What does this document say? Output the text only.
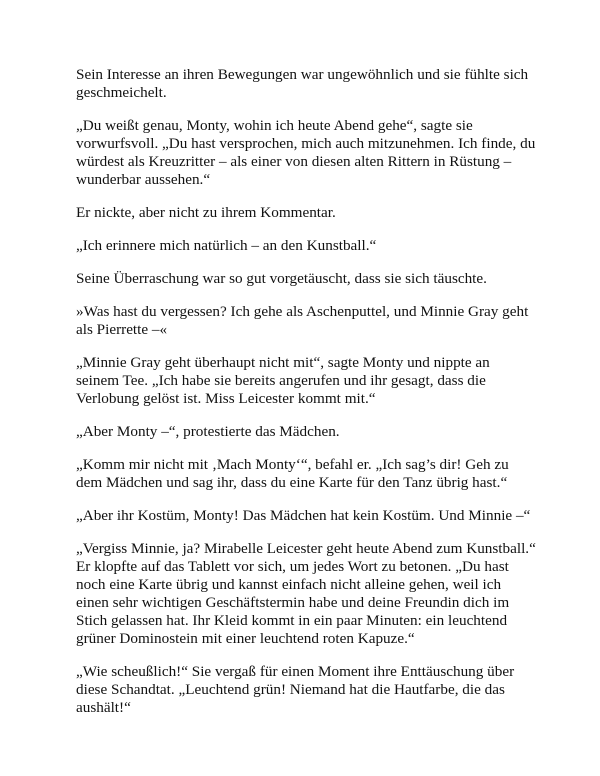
Sein Interesse an ihren Bewegungen war ungewöhnlich und sie fühlte sich geschmeichelt.

„Du weißt genau, Monty, wohin ich heute Abend gehe“, sagte sie vorwurfsvoll. „Du hast versprochen, mich auch mitzunehmen. Ich finde, du würdest als Kreuzritter – als einer von diesen alten Rittern in Rüstung – wunderbar aussehen.“

Er nickte, aber nicht zu ihrem Kommentar.

„Ich erinnere mich natürlich – an den Kunstball.“

Seine Überraschung war so gut vorgetäuscht, dass sie sich täuschte.

»Was hast du vergessen? Ich gehe als Aschenputtel, und Minnie Gray geht als Pierrette –«

„Minnie Gray geht überhaupt nicht mit“, sagte Monty und nippte an seinem Tee. „Ich habe sie bereits angerufen und ihr gesagt, dass die Verlobung gelöst ist. Miss Leicester kommt mit.“

„Aber Monty –“, protestierte das Mädchen.

„Komm mir nicht mit ‚Mach Monty‘“, befahl er. „Ich sag’s dir! Geh zu dem Mädchen und sag ihr, dass du eine Karte für den Tanz übrig hast.“

„Aber ihr Kostüm, Monty! Das Mädchen hat kein Kostüm. Und Minnie –“

„Vergiss Minnie, ja? Mirabelle Leicester geht heute Abend zum Kunstball.“ Er klopfte auf das Tablett vor sich, um jedes Wort zu betonen. „Du hast noch eine Karte übrig und kannst einfach nicht alleine gehen, weil ich einen sehr wichtigen Geschäftstermin habe und deine Freundin dich im Stich gelassen hat. Ihr Kleid kommt in ein paar Minuten: ein leuchtend grüner Dominostein mit einer leuchtend roten Kapuze.“

„Wie scheußlich!“ Sie vergaß für einen Moment ihre Enttäuschung über diese Schandtat. „Leuchtend grün! Niemand hat die Hautfarbe, die das aushält!“
